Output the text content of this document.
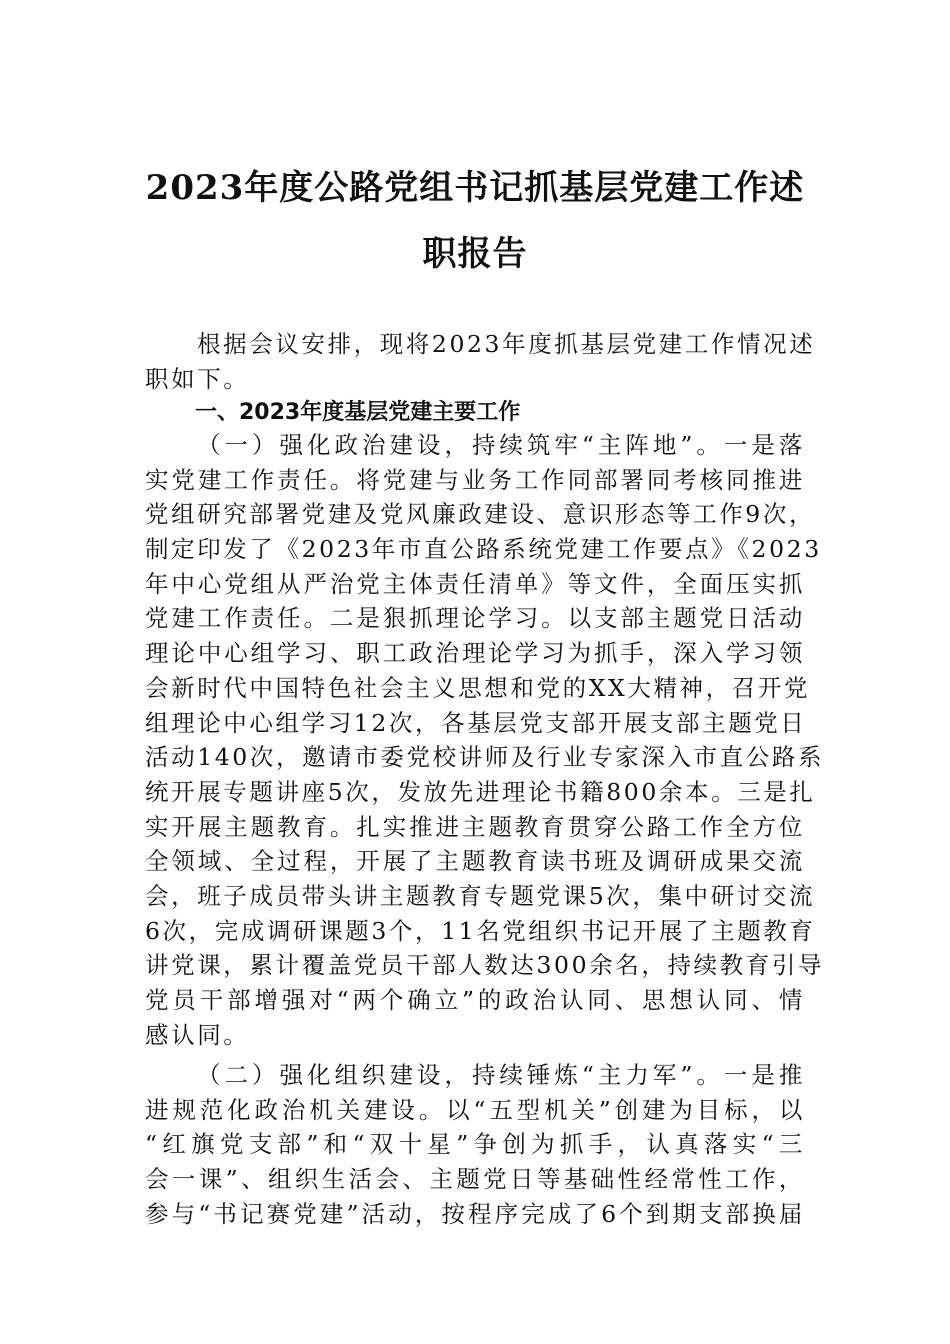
2023年度公路党组书记抓基层党建工作述
职报告
根据会议安排，现将2023年度抓基层党建工作情况述
职如下。
一、2023年度基层党建主要工作
（一）强化政治建设，持续筑牢“主阵地”。一是落
实党建工作责任。将党建与业务工作同部署同考核同推进
党组研究部署党建及党风廉政建设、意识形态等工作9次，
制定印发了《2023年市直公路系统党建工作要点》《2023
年中心党组从严治党主体责任清单》等文件，全面压实抓
党建工作责任。二是狠抓理论学习。以支部主题党日活动
理论中心组学习、职工政治理论学习为抓手，深入学习领
会新时代中国特色社会主义思想和党的XX大精神，召开党
组理论中心组学习12次，各基层党支部开展支部主题党日
活动140次，邀请市委党校讲师及行业专家深入市直公路系
统开展专题讲座5次，发放先进理论书籍800余本。三是扎
实开展主题教育。扎实推进主题教育贯穿公路工作全方位
全领域、全过程，开展了主题教育读书班及调研成果交流
会，班子成员带头讲主题教育专题党课5次，集中研讨交流
6次，完成调研课题3个，11名党组织书记开展了主题教育
讲党课，累计覆盖党员干部人数达300余名，持续教育引导
党员干部增强对“两个确立”的政治认同、思想认同、情
感认同。
（二）强化组织建设，持续锤炼“主力军”。一是推
进规范化政治机关建设。以“五型机关”创建为目标，以
“红旗党支部”和“双十星”争创为抓手，认真落实“三
会一课”、组织生活会、主题党日等基础性经常性工作，
参与“书记赛党建”活动，按程序完成了6个到期支部换届
